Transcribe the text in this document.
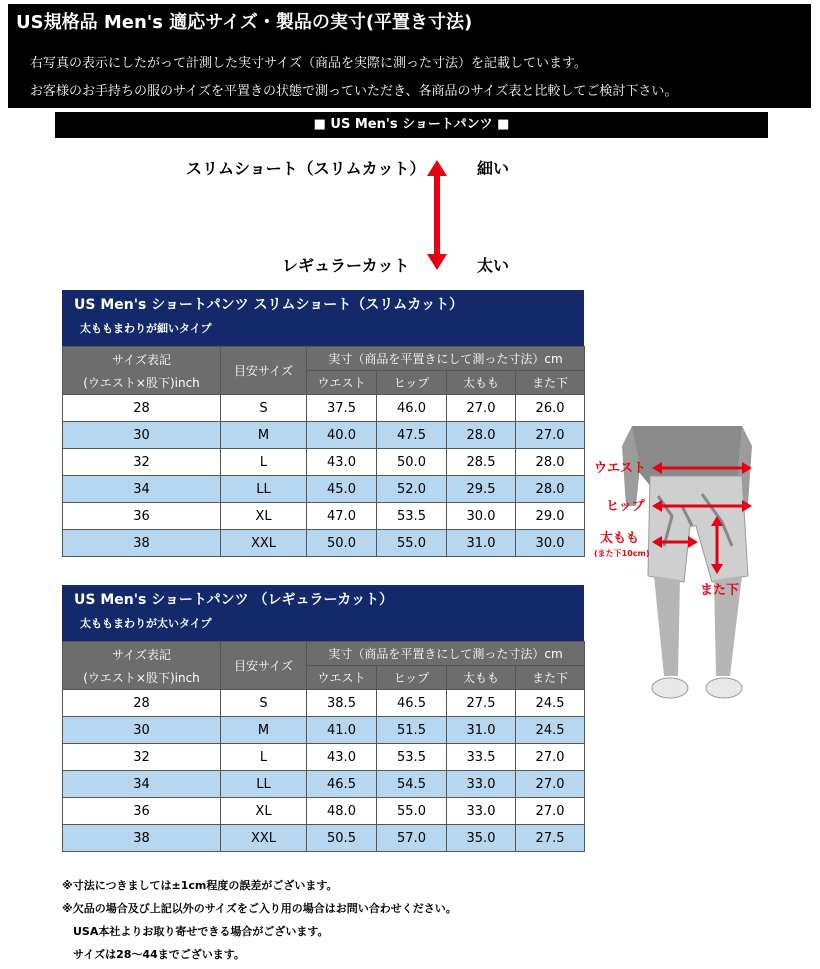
US規格品 Men's 適応サイズ・製品の実寸(平置き寸法)
右写真の表示にしたがって計測した実寸サイズ（商品を実際に測った寸法）を記載しています。
お客様のお手持ちの服のサイズを平置きの状態で測っていただき、各商品のサイズ表と比較してご検討下さい。
■ US Men's ショートパンツ ■
スリムショート（スリムカット）	細い
レギュラーカット	太い
US Men's ショートパンツ スリムショート（スリムカット）
太ももまわりが細いタイプ
サイズ表記
(ウエスト×股下)inch	目安サイズ	実寸（商品を平置きにして測った寸法）cm			
		ウエスト	ヒップ	太もも	また下
28	S	37.5	46.0	27.0	26.0
30	M	40.0	47.5	28.0	27.0
32	L	43.0	50.0	28.5	28.0
34	LL	45.0	52.0	29.5	28.0
36	XL	47.0	53.5	30.0	29.0
38	XXL	50.0	55.0	31.0	30.0
US Men's ショートパンツ （レギュラーカット）
太ももまわりが太いタイプ
サイズ表記
(ウエスト×股下)inch	目安サイズ	実寸（商品を平置きにして測った寸法）cm			
		ウエスト	ヒップ	太もも	また下
28	S	38.5	46.5	27.5	24.5
30	M	41.0	51.5	31.0	24.5
32	L	43.0	53.5	33.5	27.0
34	LL	46.5	54.5	33.0	27.0
36	XL	48.0	55.0	33.0	27.0
38	XXL	50.5	57.0	35.0	27.5
ウエスト
ヒップ
太もも
(また下10cm)
また下
※寸法につきましては±1cm程度の誤差がございます。
※欠品の場合及び上記以外のサイズをご入り用の場合はお問い合わせください。
　USA本社よりお取り寄せできる場合がございます。
　サイズは28～44までございます。
